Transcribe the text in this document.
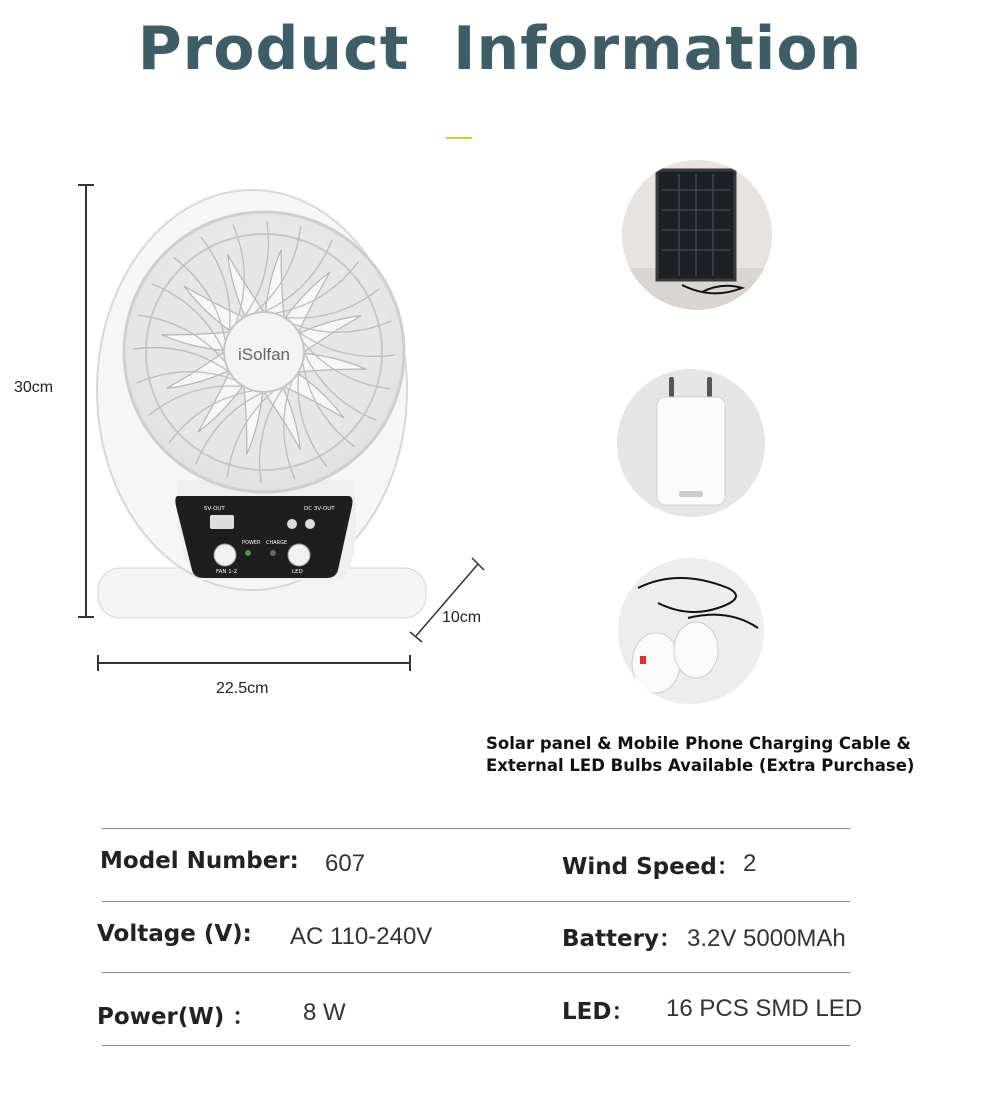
Product  Information
30cm
22.5cm
10cm
iSolfan
5V-OUT	DC 3V-OUT
POWER CHARGE
FAN 1-2	LED
Solar panel & Mobile Phone Charging Cable & External LED Bulbs Available (Extra Purchase)
Model Number: 607	Wind Speed： 2
Voltage (V): AC 110-240V	Battery： 3.2V 5000MAh
Power(W) ： 8 W	LED： 16 PCS SMD LED
